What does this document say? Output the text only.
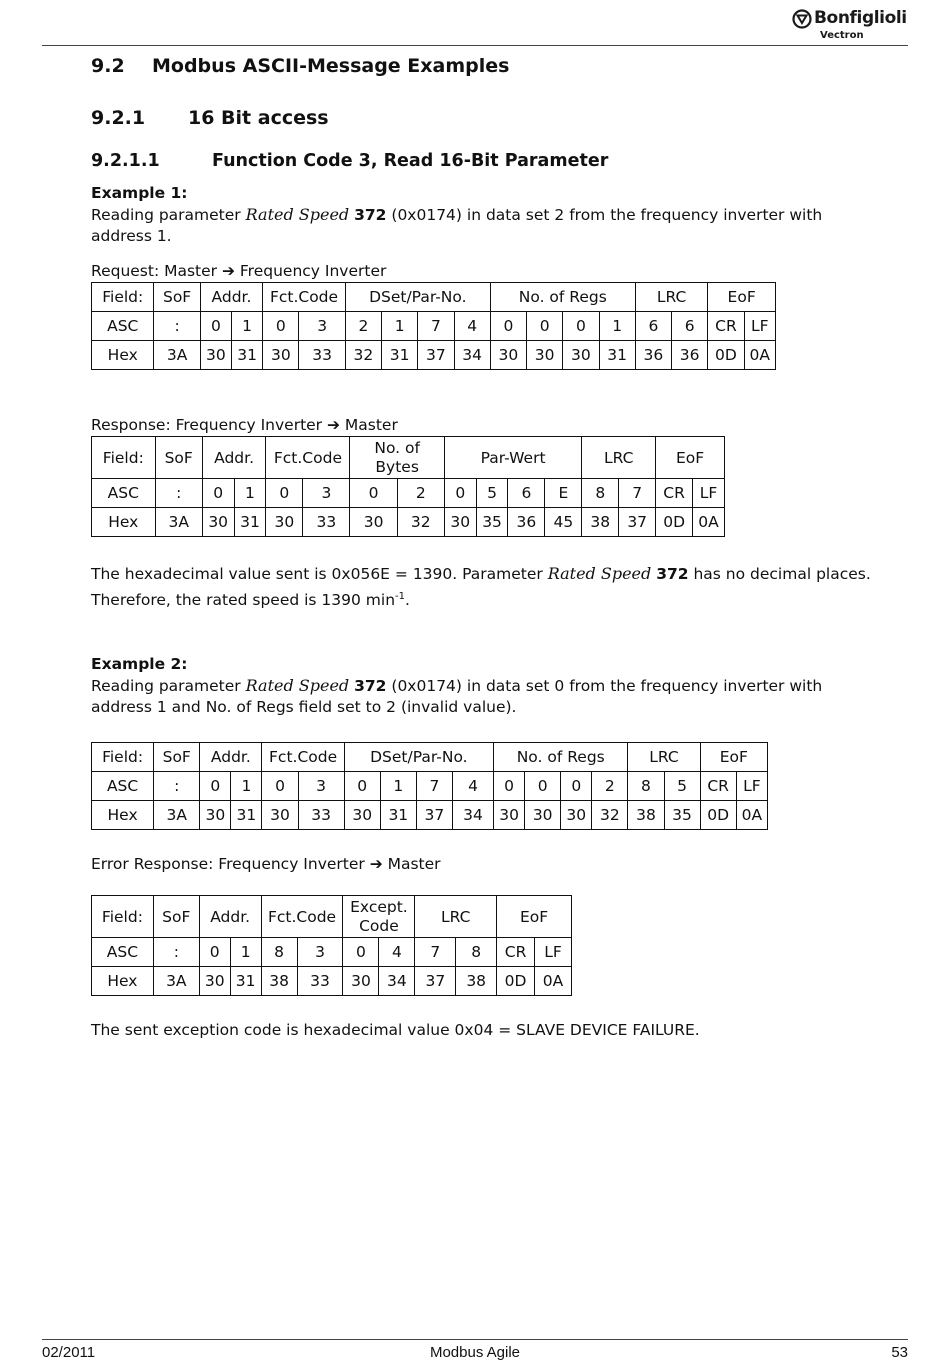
Bonfiglioli
Vectron
9.2 Modbus ASCII-Message Examples
9.2.1 16 Bit access
9.2.1.1	Function Code 3, Read 16-Bit Parameter
Example 1:
Reading parameter Rated Speed 372 (0x0174) in data set 2 from the frequency inverter with address 1.
Request: Master ➔ Frequency Inverter
Field:	SoF	Addr.		Fct.Code		DSet/Par-No.				No. of Regs				LRC		EoF	
ASC	:	0	1	0	3	2	1	7	4	0	0	0	1	6	6	CR	LF
Hex	3A	30	31	30	33	32	31	37	34	30	30	30	31	36	36	0D	0A
Response: Frequency Inverter ➔ Master
Field:	SoF	Addr.		Fct.Code		No. of Bytes		Par-Wert				LRC		EoF	
ASC	:	0	1	0	3	0	2	0	5	6	E	8	7	CR	LF
Hex	3A	30	31	30	33	30	32	30	35	36	45	38	37	0D	0A
The hexadecimal value sent is 0x056E = 1390. Parameter Rated Speed 372 has no decimal places.
Therefore, the rated speed is 1390 $\min^{-1}$.
Example 2:
Reading parameter Rated Speed 372 (0x0174) in data set 0 from the frequency inverter with address 1 and No. of Regs field set to 2 (invalid value).
Field:	SoF	Addr.		Fct.Code		DSet/Par-No.				No. of Regs				LRC		EoF	
ASC	:	0	1	0	3	0	1	7	4	0	0	0	2	8	5	CR	LF
Hex	3A	30	31	30	33	30	31	37	34	30	30	30	32	38	35	0D	0A
Error Response: Frequency Inverter ➔ Master
Field:	SoF	Addr.		Fct.Code		Except. Code		LRC		EoF	
ASC	:	0	1	8	3	0	4	7	8	CR	LF
Hex	3A	30	31	38	33	30	34	37	38	0D	0A
The sent exception code is hexadecimal value 0x04 = SLAVE DEVICE FAILURE.
02/2011	Modbus Agile	53
